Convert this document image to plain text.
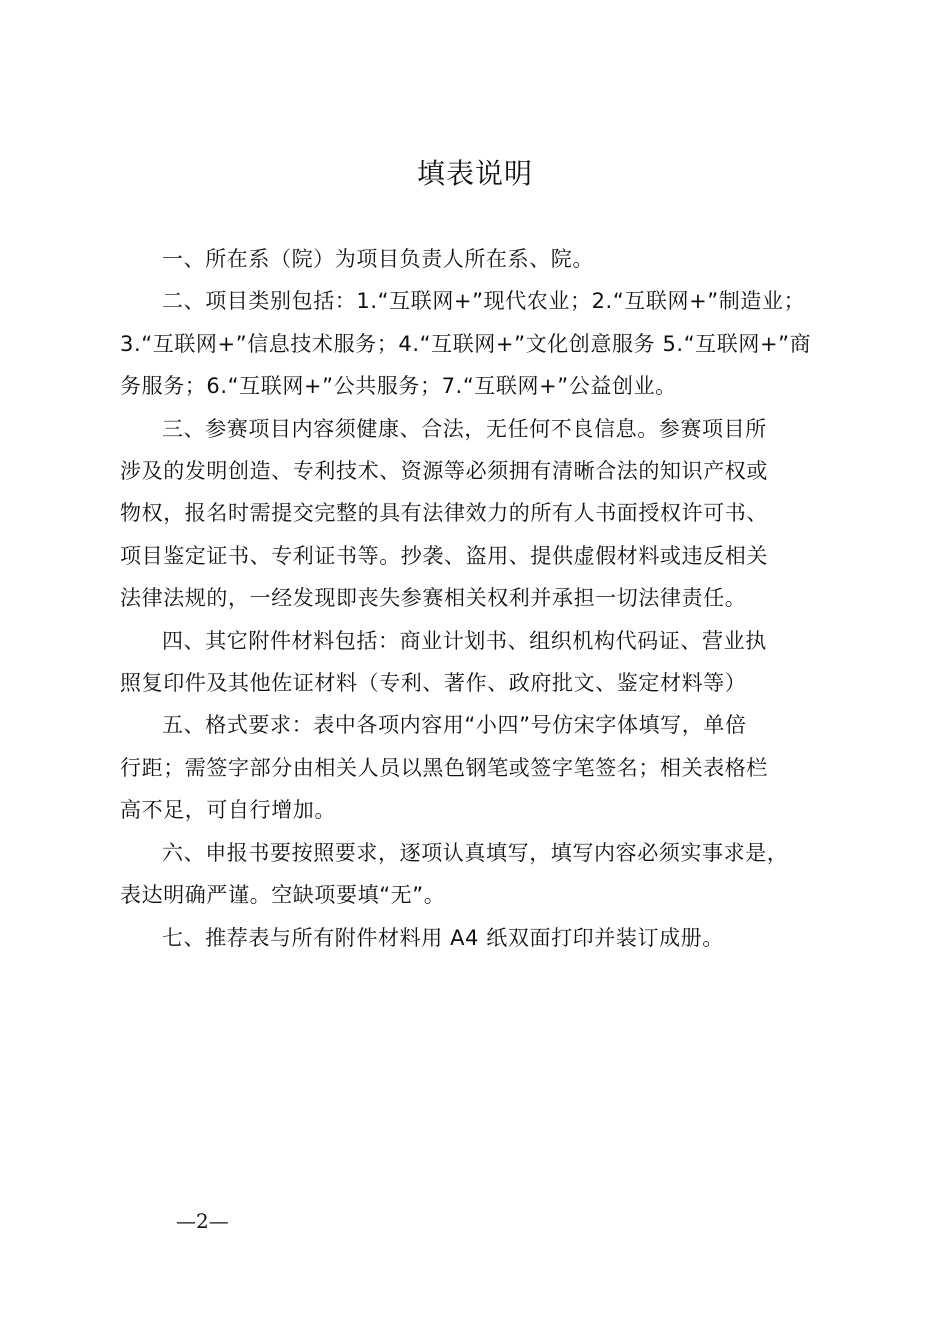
填表说明

一、所在系（院）为项目负责人所在系、院。

二、项目类别包括：1.“互联网+”现代农业；2.“互联网+”制造业；
3.“互联网+”信息技术服务；4.“互联网+”文化创意服务 5.“互联网+”商
务服务；6.“互联网+”公共服务；7.“互联网+”公益创业。

三、参赛项目内容须健康、合法，无任何不良信息。参赛项目所
涉及的发明创造、专利技术、资源等必须拥有清晰合法的知识产权或
物权，报名时需提交完整的具有法律效力的所有人书面授权许可书、
项目鉴定证书、专利证书等。抄袭、盗用、提供虚假材料或违反相关
法律法规的，一经发现即丧失参赛相关权利并承担一切法律责任。

四、其它附件材料包括：商业计划书、组织机构代码证、营业执
照复印件及其他佐证材料（专利、著作、政府批文、鉴定材料等）

五、格式要求：表中各项内容用“小四”号仿宋字体填写，单倍
行距；需签字部分由相关人员以黑色钢笔或签字笔签名；相关表格栏
高不足，可自行增加。

六、申报书要按照要求，逐项认真填写，填写内容必须实事求是，
表达明确严谨。空缺项要填“无”。

七、推荐表与所有附件材料用 A4 纸双面打印并装订成册。

—2—
